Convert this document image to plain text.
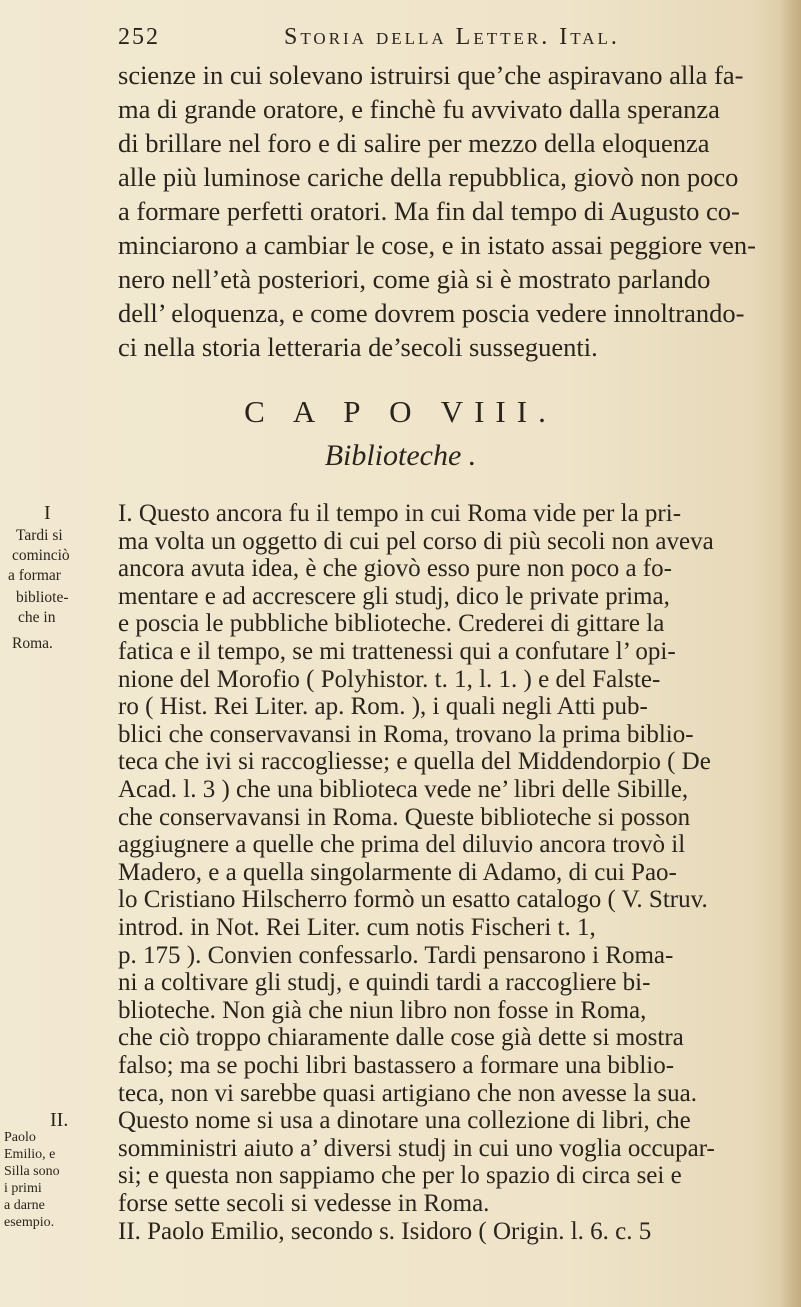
252	Storia della Letter. Ital.
scienze in cui solevano istruirsi que’che aspiravano alla fa-
ma di grande oratore, e finchè fu avvivato dalla speranza
di brillare nel foro e di salire per mezzo della eloquenza
alle più luminose cariche della repubblica, giovò non poco
a formare perfetti oratori. Ma fin dal tempo di Augusto co-
minciarono a cambiar le cose, e in istato assai peggiore ven-
nero nell’età posteriori, come già si è mostrato parlando
dell’ eloquenza, e come dovrem poscia vedere innoltrando-
ci nella storia letteraria de’secoli susseguenti.
C A P O VIII.
Biblioteche .
I
Tardi si
cominciò
a formar
bibliote-
che in
Roma.
I. Questo ancora fu il tempo in cui Roma vide per la pri-
ma volta un oggetto di cui pel corso di più secoli non aveva
ancora avuta idea, è che giovò esso pure non poco a fo-
mentare e ad accrescere gli studj, dico le private prima,
e poscia le pubbliche biblioteche. Crederei di gittare la
fatica e il tempo, se mi trattenessi qui a confutare l’ opi-
nione del Morofio ( Polyhistor. t. 1, l. 1. ) e del Falste-
ro ( Hist. Rei Liter. ap. Rom. ), i quali negli Atti pub-
blici che conservavansi in Roma, trovano la prima biblio-
teca che ivi si raccogliesse; e quella del Middendorpio ( De
Acad. l. 3 ) che una biblioteca vede ne’ libri delle Sibille,
che conservavansi in Roma. Queste biblioteche si posson
aggiugnere a quelle che prima del diluvio ancora trovò il
Madero, e a quella singolarmente di Adamo, di cui Pao-
lo Cristiano Hilscherro formò un esatto catalogo ( V. Struv.
introd. in Not. Rei Liter. cum notis Fischeri t. 1,
p. 175 ). Convien confessarlo. Tardi pensarono i Roma-
ni a coltivare gli studj, e quindi tardi a raccogliere bi-
blioteche. Non già che niun libro non fosse in Roma,
che ciò troppo chiaramente dalle cose già dette si mostra
falso; ma se pochi libri bastassero a formare una biblio-
teca, non vi sarebbe quasi artigiano che non avesse la sua.
Questo nome si usa a dinotare una collezione di libri, che
somministri aiuto a’ diversi studj in cui uno voglia occupar-
si; e questa non sappiamo che per lo spazio di circa sei e
forse sette secoli si vedesse in Roma.
II. Paolo Emilio, secondo s. Isidoro ( Origin. l. 6. c. 5
II.
Paolo
Emilio, e
Silla sono
i primi
a darne
esempio.
